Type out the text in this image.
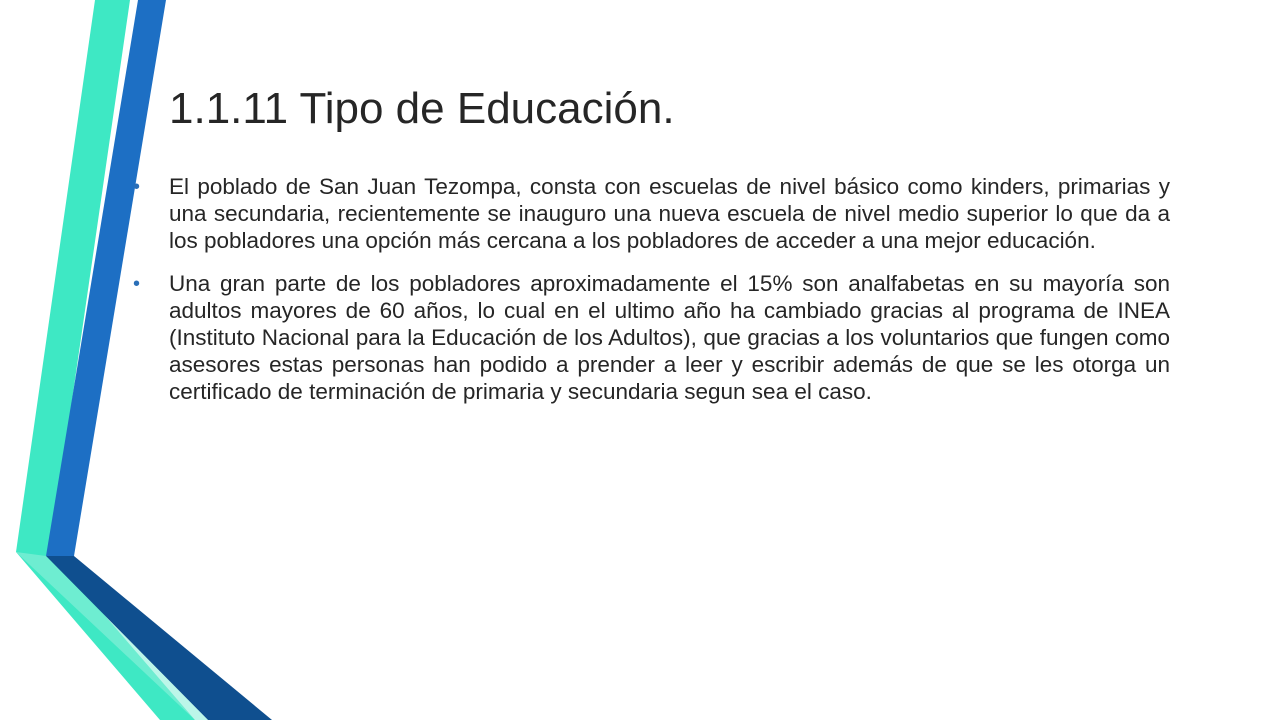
1.1.11 Tipo de Educación.
• El poblado de San Juan Tezompa, consta con escuelas de nivel básico como kinders, primarias y una secundaria, recientemente se inauguro una nueva escuela de nivel medio superior lo que da a los pobladores una opción más cercana a los pobladores de acceder a una mejor educación.
• Una gran parte de los pobladores aproximadamente el 15% son analfabetas en su mayoría son adultos mayores de 60 años, lo cual en el ultimo año ha cambiado gracias al programa de INEA (Instituto Nacional para la Educación de los Adultos), que gracias a los voluntarios que fungen como asesores estas personas han podido a prender a leer y escribir además de que se les otorga un certificado de terminación de primaria y secundaria segun sea el caso.
